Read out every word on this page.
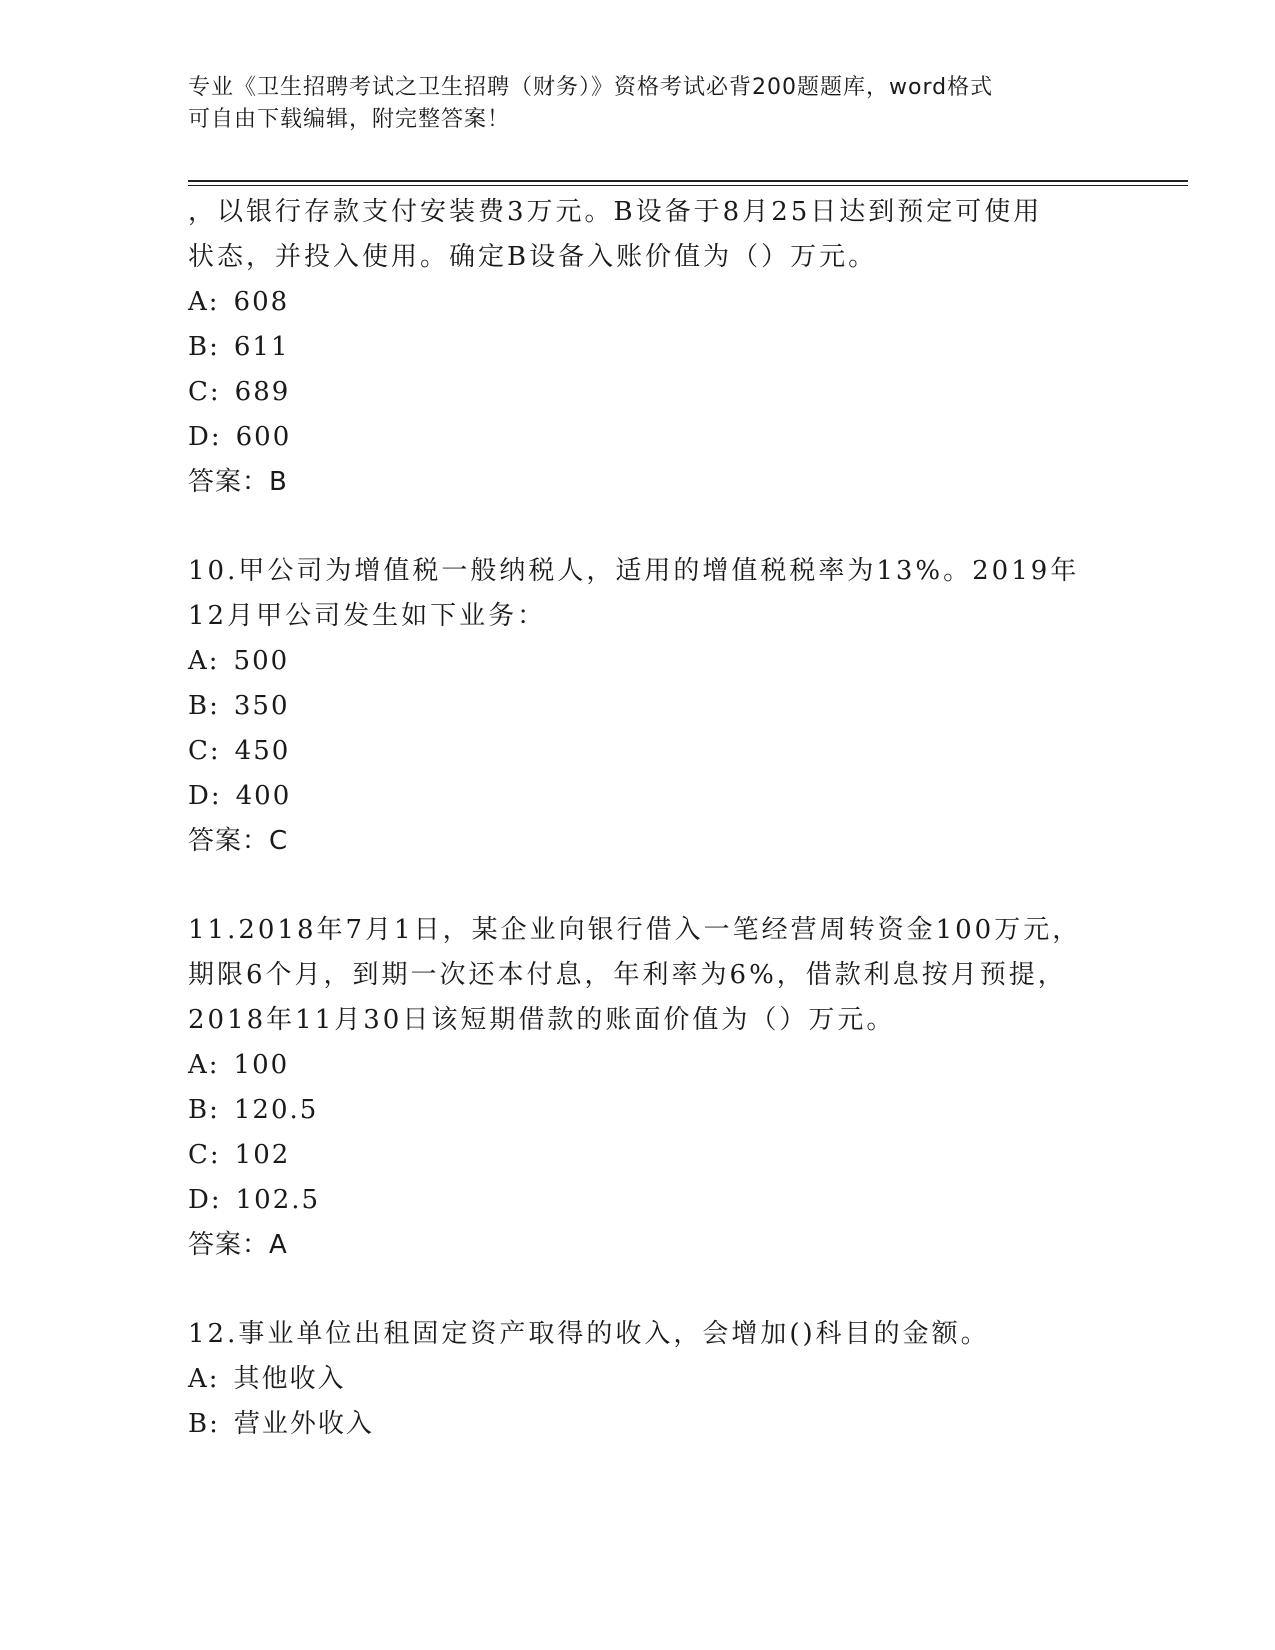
专业《卫生招聘考试之卫生招聘（财务）》资格考试必背200题题库，word格式
可自由下载编辑，附完整答案！

，以银行存款支付安装费3万元。B设备于8月25日达到预定可使用

状态，并投入使用。确定B设备入账价值为（）万元。

A: 608

B: 611

C: 689

D: 600

答案：B

10.甲公司为增值税一般纳税人，适用的增值税税率为13%。2019年

12月甲公司发生如下业务：

A: 500

B: 350

C: 450

D: 400

答案：C

11.2018年7月1日，某企业向银行借入一笔经营周转资金100万元，

期限6个月，到期一次还本付息，年利率为6%，借款利息按月预提，

2018年11月30日该短期借款的账面价值为（）万元。

A: 100

B: 120.5

C: 102

D: 102.5

答案：A

12.事业单位出租固定资产取得的收入，会增加()科目的金额。

A: 其他收入

B: 营业外收入
